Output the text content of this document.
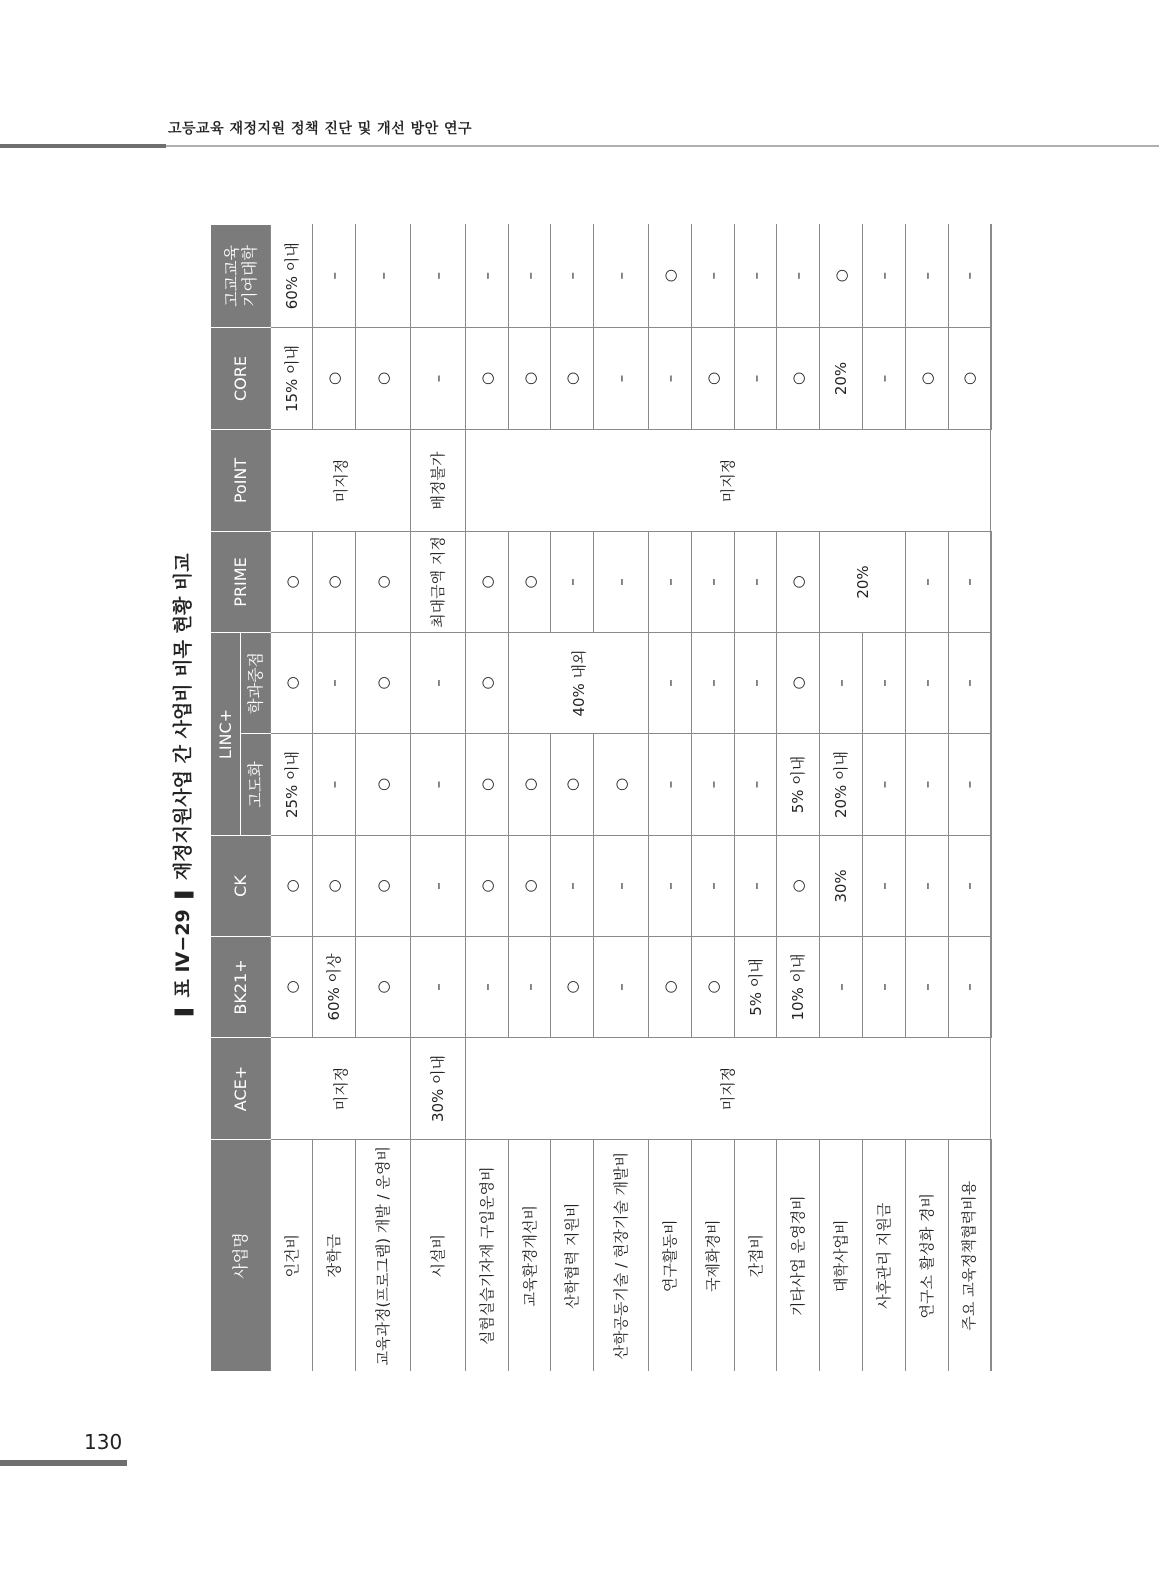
고등교육 재정지원 정책 진단 및 개선 방안 연구
❚ 표 Ⅳ−29 ❚ 재정지원사업 간 사업비 비목 현황 비교
사업명	ACE+	BK21+	CK	LINC+		PRIME	PoINT	CORE	고교교육 기여대학
				고도화	학과중점				
인건비	미지정	○	○	25% 이내	○	○	미지정	15% 이내	60% 이내
장학금		60% 이상	○	–	–	○		○	–
교육과정(프로그램) 개발 / 운영비		○	○	○	○	○		○	–
시설비	30% 이내	–	–	–	–	최대금액 지정	배정불가	–	–
실험실습기자재 구입운영비	미지정	–	○	○	○	○	미지정	○	–
교육환경개선비		–	○	○	40% 내외	○		○	–
산학협력 지원비		○	–	○		–		○	–
산학공동기술 / 현장기술 개발비		–	–	○		–		–	–
연구활동비		○	–	–	–	–		–	○
국제화경비		○	–	–	–	–		○	–
간접비		5% 이내	–	–	–	–		–	–
기타사업 운영경비		10% 이내	○	5% 이내	○	○		○	–
대학사업비		–	30%	20% 이내	–	20%		20%	○
사후관리 지원금		–	–	–	–			–	–
연구소 활성화 경비		–	–	–	–	–		○	–
주요 교육정책협력비용		–	–	–	–	–		○	–
130
